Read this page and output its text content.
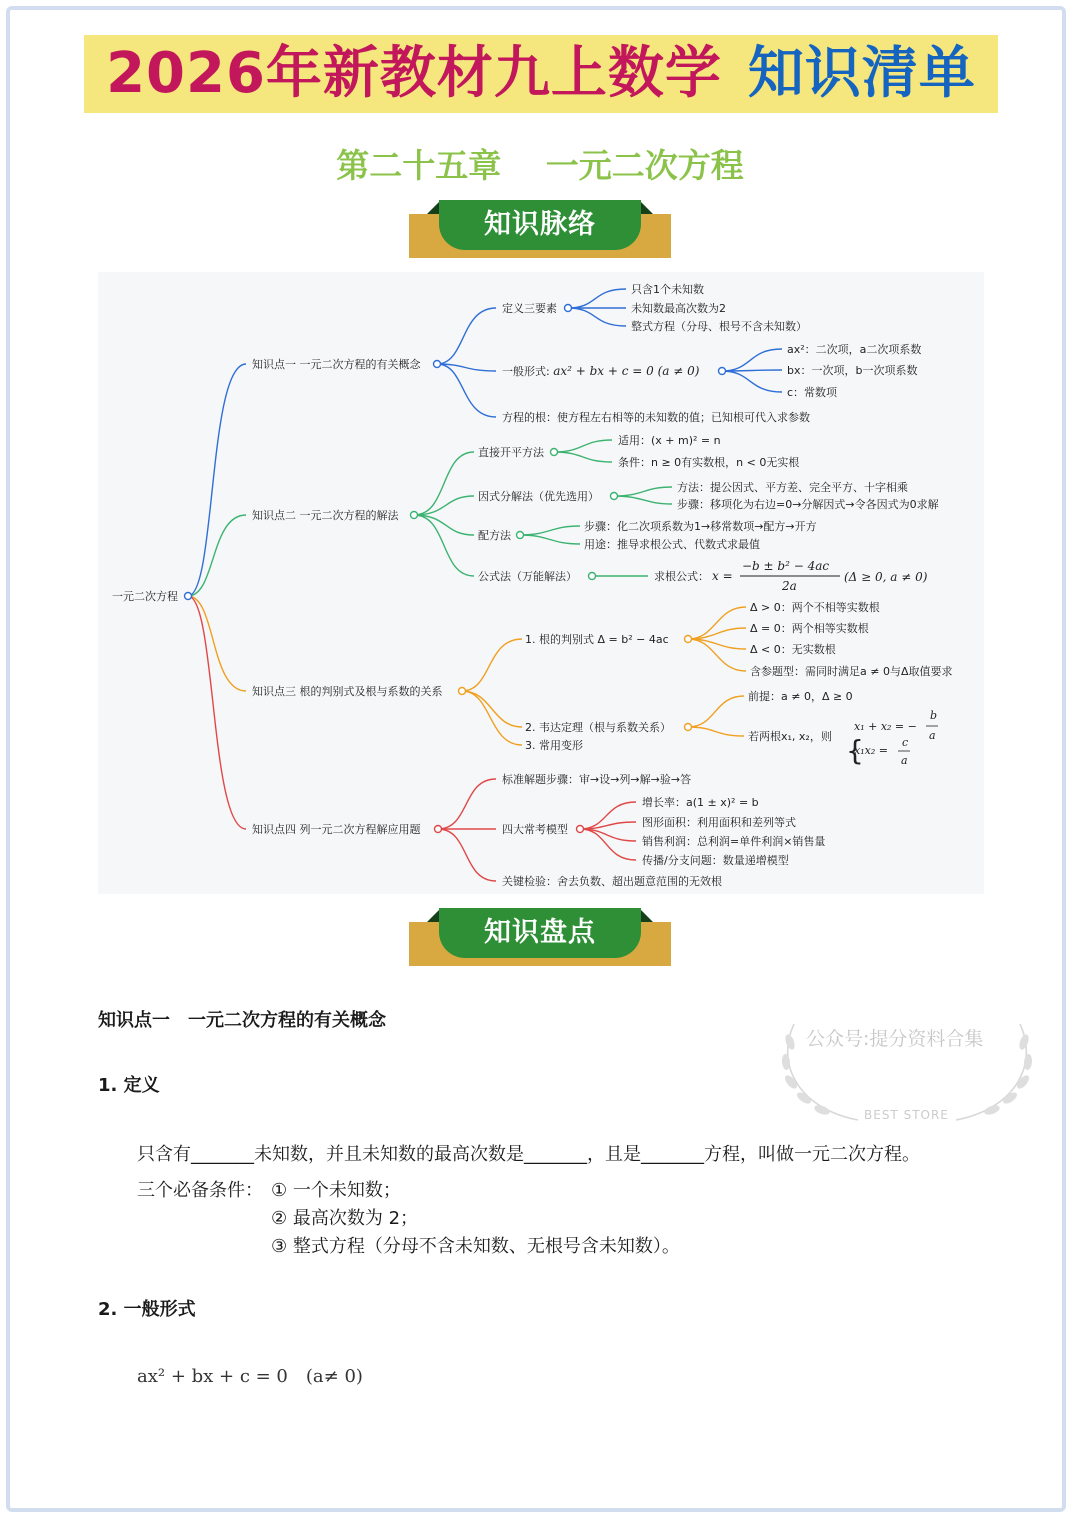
2026年新教材九上数学 知识清单
第二十五章　 一元二次方程
知识脉络
一元二次方程
知识点一 一元二次方程的有关概念
定义三要素
只含1个未知数
未知数最高次数为2
整式方程（分母、根号不含未知数）
一般形式: ax² + bx + c = 0 (a ≠ 0)
ax²：二次项，a二次项系数
bx：一次项，b一次项系数
c：常数项
方程的根：使方程左右相等的未知数的值；已知根可代入求参数
知识点二 一元二次方程的解法
直接开平方法
适用：(x + m)² = n
条件：n ≥ 0有实数根，n < 0无实根
因式分解法（优先选用）
方法：提公因式、平方差、完全平方、十字相乘
步骤：移项化为右边=0→分解因式→令各因式为0求解
配方法
步骤：化二次项系数为1→移常数项→配方→开方
用途：推导求根公式、代数式求最值
公式法（万能解法）	求根公式： x =
−b ± b² − 4ac
2a
(Δ ≥ 0, a ≠ 0)
知识点三 根的判别式及根与系数的关系
1. 根的判别式 Δ = b² − 4ac
Δ > 0：两个不相等实数根
Δ = 0：两个相等实数根
Δ < 0：无实数根
含参题型：需同时满足a ≠ 0与Δ取值要求
2. 韦达定理（根与系数关系）
3. 常用变形
前提：a ≠ 0，Δ ≥ 0
若两根x₁, x₂，则 {
x₁ + x₂ = −
b
a
x₁x₂ =
c
a
知识点四 列一元二次方程解应用题
标准解题步骤：审→设→列→解→验→答
四大常考模型
增长率：a(1 ± x)² = b
图形面积：利用面积和差列等式
销售利润：总利润=单件利润×销售量
传播/分支问题：数量递增模型
关键检验：舍去负数、超出题意范围的无效根
知识盘点
知识点一　一元二次方程的有关概念
1. 定义
只含有_______未知数，并且未知数的最高次数是_______，且是_______方程，叫做一元二次方程。
三个必备条件： ① 一个未知数；
② 最高次数为 2；
③ 整式方程（分母不含未知数、无根号含未知数）。
2. 一般形式
ax² + bx + c = 0　(a≠ 0)
公众号:提分资料合集
BEST STORE
